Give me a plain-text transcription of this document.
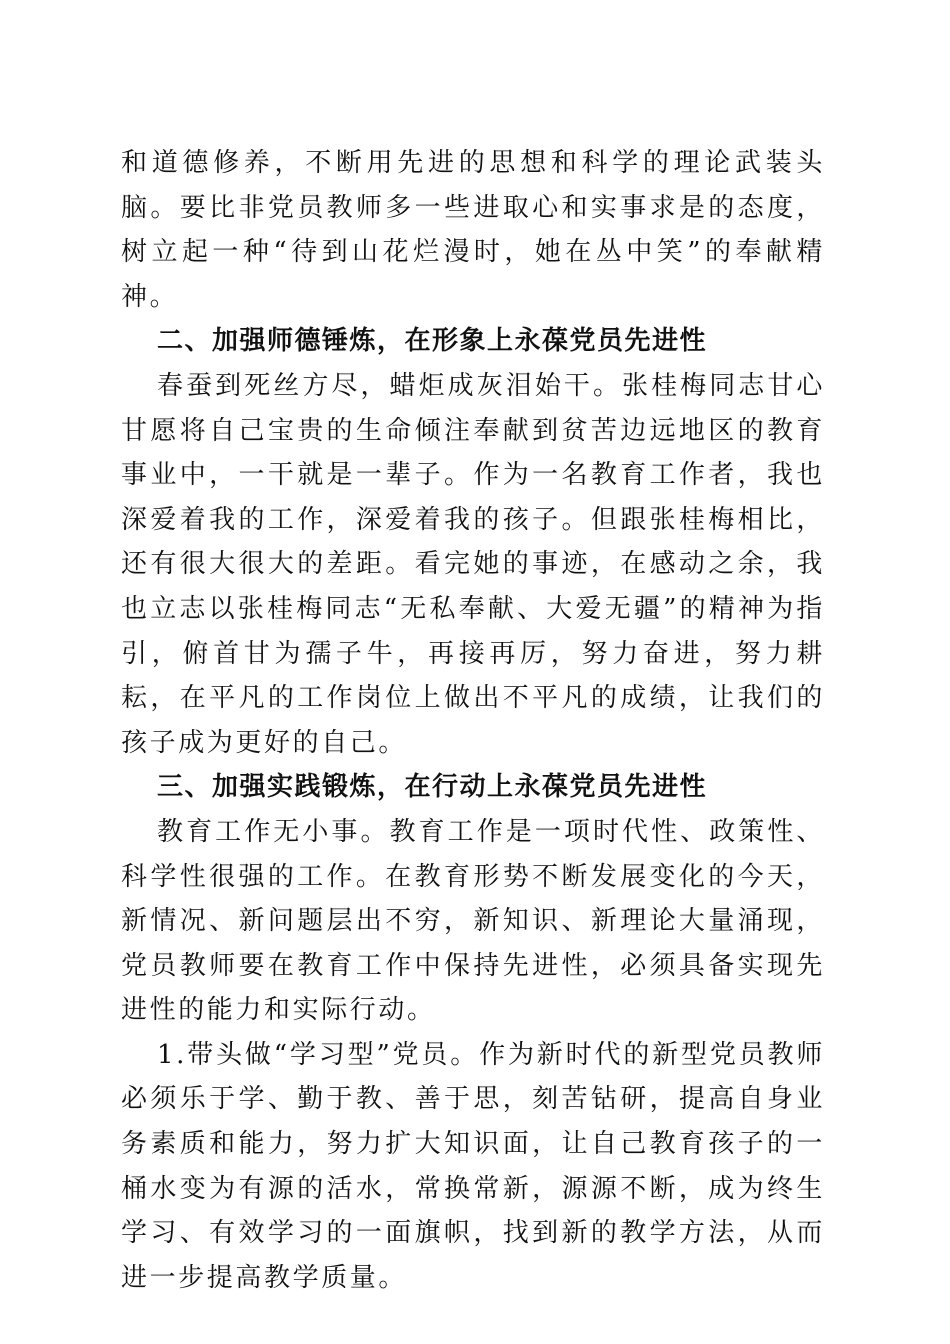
和道德修养，不断用先进的思想和科学的理论武装头脑。要比非党员教师多一些进取心和实事求是的态度，树立起一种“待到山花烂漫时，她在丛中笑”的奉献精神。

二、加强师德锤炼，在形象上永葆党员先进性

春蚕到死丝方尽，蜡炬成灰泪始干。张桂梅同志甘心甘愿将自己宝贵的生命倾注奉献到贫苦边远地区的教育事业中，一干就是一辈子。作为一名教育工作者，我也深爱着我的工作，深爱着我的孩子。但跟张桂梅相比，还有很大很大的差距。看完她的事迹，在感动之余，我也立志以张桂梅同志“无私奉献、大爱无疆”的精神为指引，俯首甘为孺子牛，再接再厉，努力奋进，努力耕耘，在平凡的工作岗位上做出不平凡的成绩，让我们的孩子成为更好的自己。

三、加强实践锻炼，在行动上永葆党员先进性

教育工作无小事。教育工作是一项时代性、政策性、科学性很强的工作。在教育形势不断发展变化的今天，新情况、新问题层出不穷，新知识、新理论大量涌现，党员教师要在教育工作中保持先进性，必须具备实现先进性的能力和实际行动。

1.带头做“学习型”党员。作为新时代的新型党员教师必须乐于学、勤于教、善于思，刻苦钻研，提高自身业务素质和能力，努力扩大知识面，让自己教育孩子的一桶水变为有源的活水，常换常新，源源不断，成为终生学习、有效学习的一面旗帜，找到新的教学方法，从而进一步提高教学质量。
